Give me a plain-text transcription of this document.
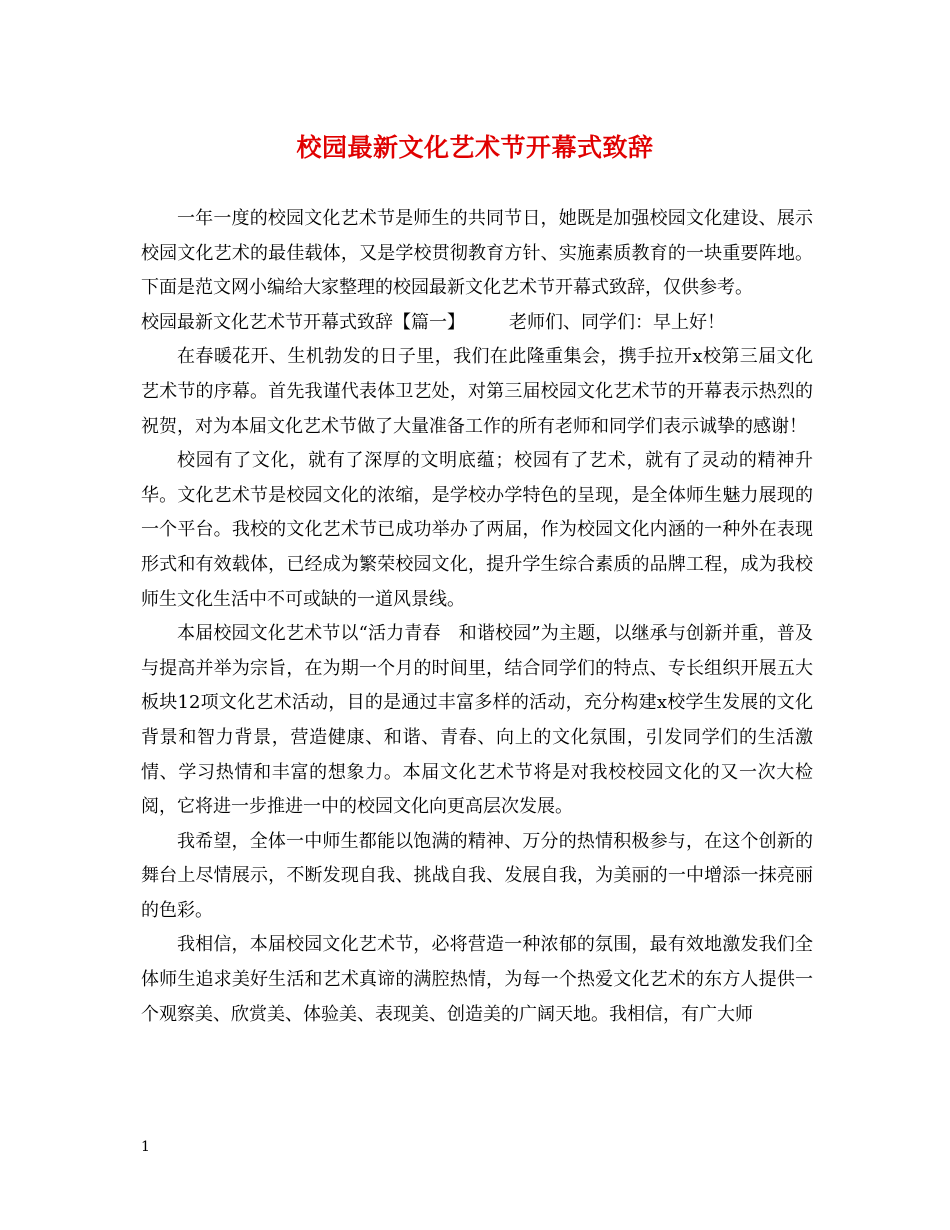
校园最新文化艺术节开幕式致辞

一年一度的校园文化艺术节是师生的共同节日，她既是加强校园文化建设、展示校园文化艺术的最佳载体，又是学校贯彻教育方针、实施素质教育的一块重要阵地。下面是范文网小编给大家整理的校园最新文化艺术节开幕式致辞，仅供参考。

校园最新文化艺术节开幕式致辞【篇一】 老师们、同学们：早上好！

在春暖花开、生机勃发的日子里，我们在此隆重集会，携手拉开x校第三届文化艺术节的序幕。首先我谨代表体卫艺处，对第三届校园文化艺术节的开幕表示热烈的祝贺，对为本届文化艺术节做了大量准备工作的所有老师和同学们表示诚挚的感谢！

校园有了文化，就有了深厚的文明底蕴；校园有了艺术，就有了灵动的精神升华。文化艺术节是校园文化的浓缩，是学校办学特色的呈现，是全体师生魅力展现的一个平台。我校的文化艺术节已成功举办了两届，作为校园文化内涵的一种外在表现形式和有效载体，已经成为繁荣校园文化，提升学生综合素质的品牌工程，成为我校师生文化生活中不可或缺的一道风景线。

本届校园文化艺术节以“活力青春　和谐校园”为主题，以继承与创新并重，普及与提高并举为宗旨，在为期一个月的时间里，结合同学们的特点、专长组织开展五大板块12项文化艺术活动，目的是通过丰富多样的活动，充分构建x校学生发展的文化背景和智力背景，营造健康、和谐、青春、向上的文化氛围，引发同学们的生活激情、学习热情和丰富的想象力。本届文化艺术节将是对我校校园文化的又一次大检阅，它将进一步推进一中的校园文化向更高层次发展。

我希望，全体一中师生都能以饱满的精神、万分的热情积极参与，在这个创新的舞台上尽情展示，不断发现自我、挑战自我、发展自我，为美丽的一中增添一抹亮丽的色彩。

我相信，本届校园文化艺术节，必将营造一种浓郁的氛围，最有效地激发我们全体师生追求美好生活和艺术真谛的满腔热情，为每一个热爱文化艺术的东方人提供一个观察美、欣赏美、体验美、表现美、创造美的广阔天地。我相信，有广大师

1
